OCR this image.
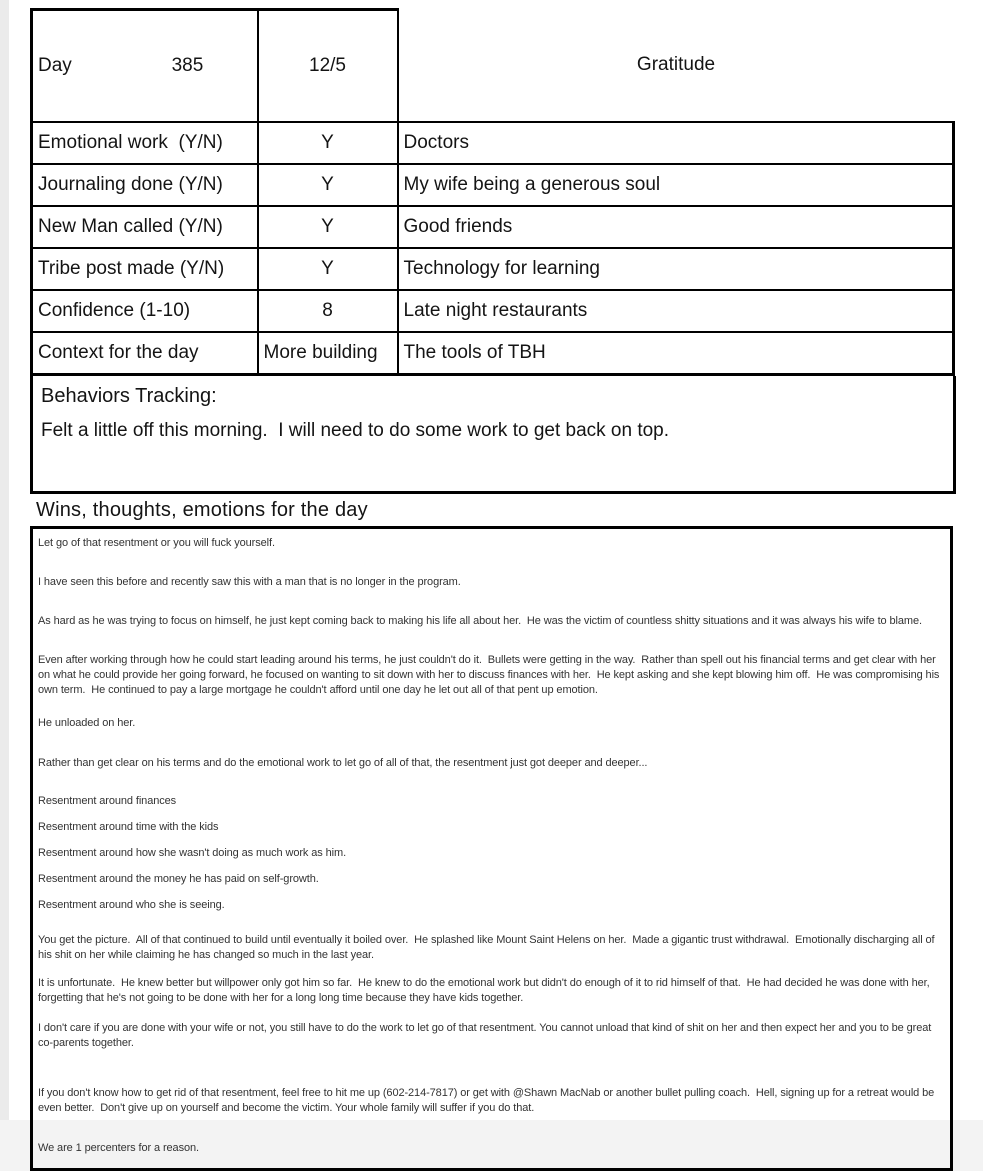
Day 385	12/5	Gratitude
Emotional work  (Y/N)	Y	Doctors
Journaling done (Y/N)	Y	My wife being a generous soul
New Man called (Y/N)	Y	Good friends
Tribe post made (Y/N)	Y	Technology for learning
Confidence (1-10)	8	Late night restaurants
Context for the day	More building	The tools of TBH
Behaviors Tracking:
Felt a little off this morning.  I will need to do some work to get back on top.
Wins, thoughts, emotions for the day

Let go of that resentment or you will fuck yourself.

I have seen this before and recently saw this with a man that is no longer in the program.

As hard as he was trying to focus on himself, he just kept coming back to making his life all about her.  He was the victim of countless shitty situations and it was always his wife to blame.

Even after working through how he could start leading around his terms, he just couldn't do it.  Bullets were getting in the way.  Rather than spell out his financial terms and get clear with her on what he could provide her going forward, he focused on wanting to sit down with her to discuss finances with her.  He kept asking and she kept blowing him off.  He was compromising his own term.  He continued to pay a large mortgage he couldn't afford until one day he let out all of that pent up emotion.

He unloaded on her.

Rather than get clear on his terms and do the emotional work to let go of all of that, the resentment just got deeper and deeper...

Resentment around finances

Resentment around time with the kids

Resentment around how she wasn't doing as much work as him.

Resentment around the money he has paid on self-growth.

Resentment around who she is seeing.

You get the picture.  All of that continued to build until eventually it boiled over.  He splashed like Mount Saint Helens on her.  Made a gigantic trust withdrawal.  Emotionally discharging all of his shit on her while claiming he has changed so much in the last year.

It is unfortunate.  He knew better but willpower only got him so far.  He knew to do the emotional work but didn't do enough of it to rid himself of that.  He had decided he was done with her, forgetting that he's not going to be done with her for a long long time because they have kids together.

I don't care if you are done with your wife or not, you still have to do the work to let go of that resentment. You cannot unload that kind of shit on her and then expect her and you to be great co-parents together.

If you don't know how to get rid of that resentment, feel free to hit me up (602-214-7817) or get with @Shawn MacNab or another bullet pulling coach.  Hell, signing up for a retreat would be even better.  Don't give up on yourself and become the victim. Your whole family will suffer if you do that.

We are 1 percenters for a reason.
